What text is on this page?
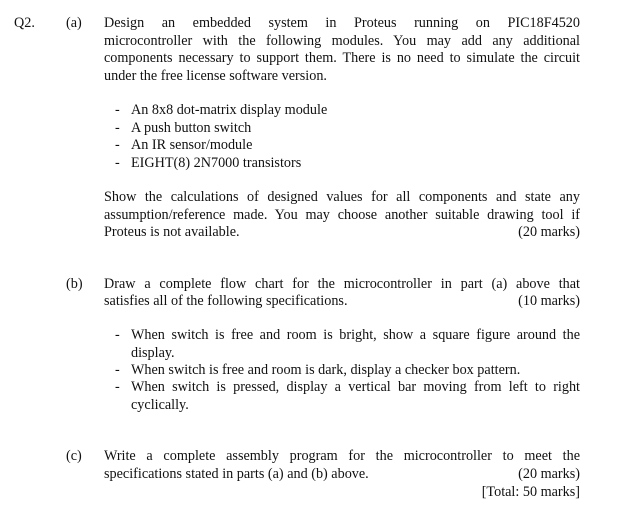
Q2. (a) Design an embedded system in Proteus running on PIC18F4520
microcontroller with the following modules. You may add any additional
components necessary to support them. There is no need to simulate the circuit
under the free license software version.
- An 8x8 dot-matrix display module
- A push button switch
- An IR sensor/module
- EIGHT(8) 2N7000 transistors
Show the calculations of designed values for all components and state any
assumption/reference made. You may choose another suitable drawing tool if
Proteus is not available.	(20 marks)
(b) Draw a complete flow chart for the microcontroller in part (a) above that
satisfies all of the following specifications.	(10 marks)
- When switch is free and room is bright, show a square figure around the
display.
- When switch is free and room is dark, display a checker box pattern.
- When switch is pressed, display a vertical bar moving from left to right
cyclically.
(c) Write a complete assembly program for the microcontroller to meet the
specifications stated in parts (a) and (b) above.	(20 marks)
[Total: 50 marks]
